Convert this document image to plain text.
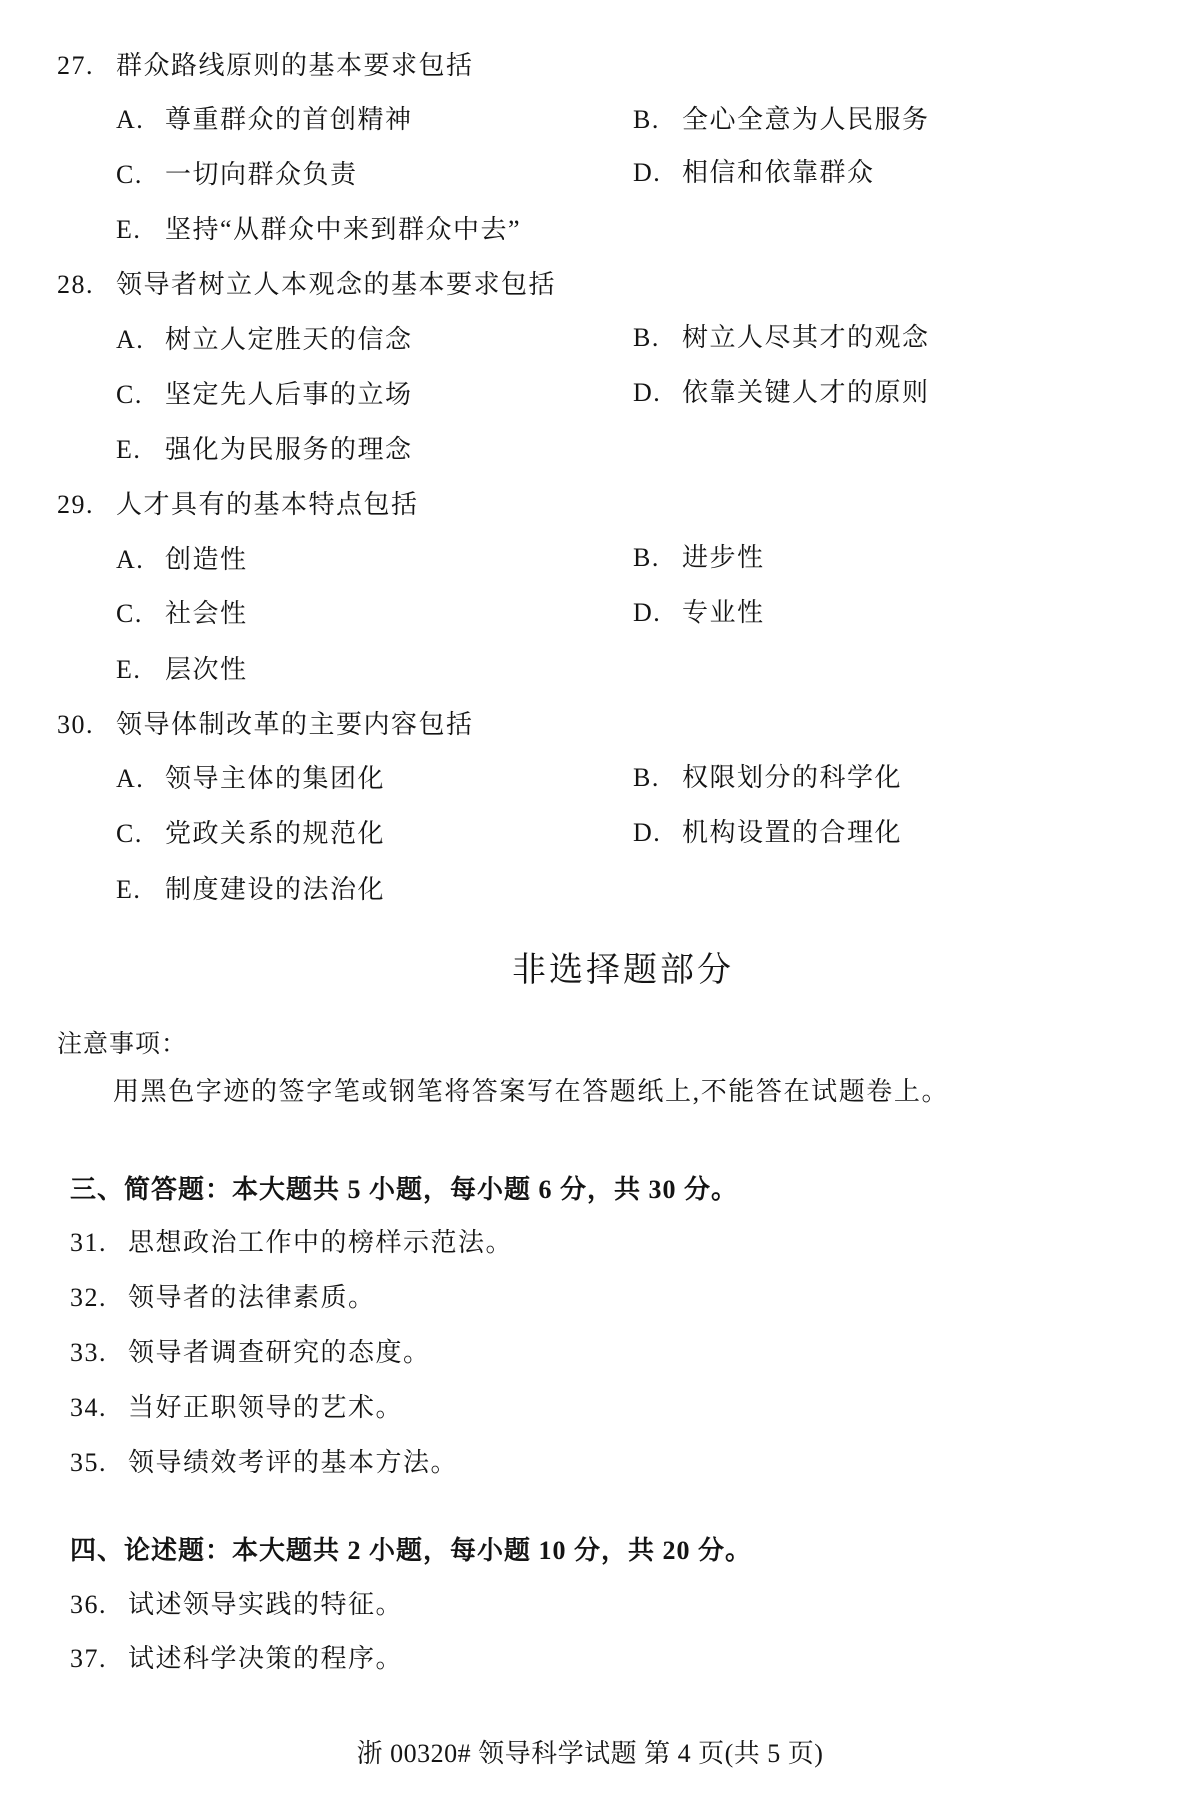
27. 群众路线原则的基本要求包括
A. 尊重群众的首创精神	B. 全心全意为人民服务
C. 一切向群众负责	D. 相信和依靠群众
E. 坚持“从群众中来到群众中去”
28. 领导者树立人本观念的基本要求包括
A. 树立人定胜天的信念	B. 树立人尽其才的观念
C. 坚定先人后事的立场	D. 依靠关键人才的原则
E. 强化为民服务的理念
29. 人才具有的基本特点包括
A. 创造性	B. 进步性
C. 社会性	D. 专业性
E. 层次性
30. 领导体制改革的主要内容包括
A. 领导主体的集团化	B. 权限划分的科学化
C. 党政关系的规范化	D. 机构设置的合理化
E. 制度建设的法治化
非选择题部分
注意事项：
用黑色字迹的签字笔或钢笔将答案写在答题纸上,不能答在试题卷上。
三、简答题：本大题共 5 小题，每小题 6 分，共 30 分。
31. 思想政治工作中的榜样示范法。
32. 领导者的法律素质。
33. 领导者调查研究的态度。
34. 当好正职领导的艺术。
35. 领导绩效考评的基本方法。
四、论述题：本大题共 2 小题，每小题 10 分，共 20 分。
36. 试述领导实践的特征。
37. 试述科学决策的程序。
浙 00320# 领导科学试题 第 4 页(共 5 页)
